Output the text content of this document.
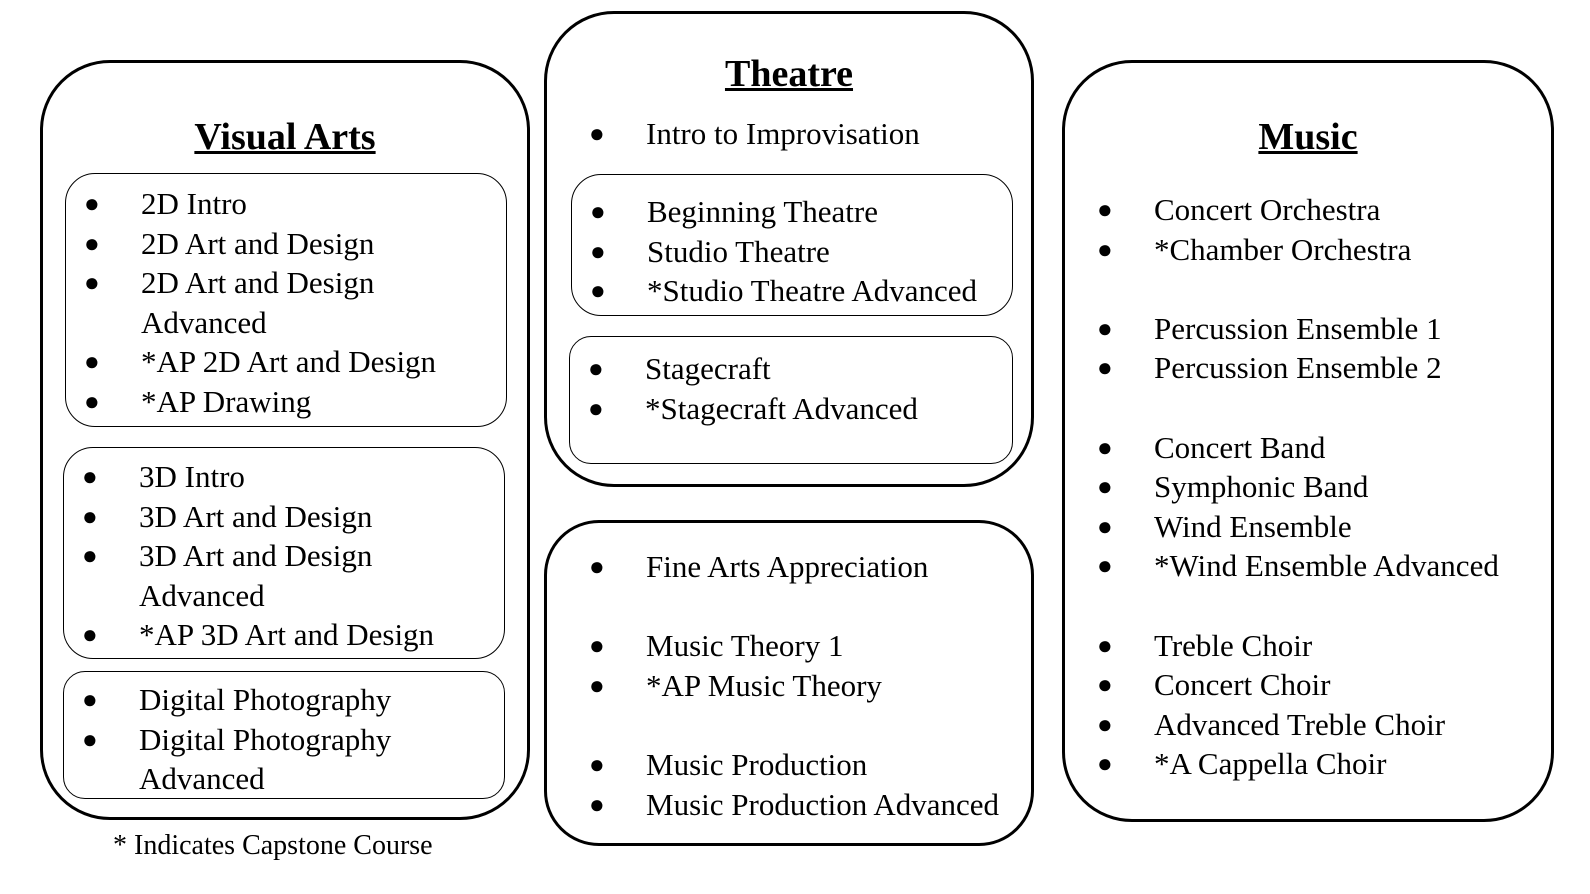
Visual Arts
● 2D Intro
● 2D Art and Design
● 2D Art and Design
Advanced
● *AP 2D Art and Design
● *AP Drawing
● 3D Intro
● 3D Art and Design
● 3D Art and Design
Advanced
● *AP 3D Art and Design
● Digital Photography
● Digital Photography
Advanced
* Indicates Capstone Course
Theatre
● Intro to Improvisation
● Beginning Theatre
● Studio Theatre
● *Studio Theatre Advanced
● Stagecraft
● *Stagecraft Advanced
● Fine Arts Appreciation
● Music Theory 1
● *AP Music Theory
● Music Production
● Music Production Advanced
Music
● Concert Orchestra
● *Chamber Orchestra
● Percussion Ensemble 1
● Percussion Ensemble 2
● Concert Band
● Symphonic Band
● Wind Ensemble
● *Wind Ensemble Advanced
● Treble Choir
● Concert Choir
● Advanced Treble Choir
● *A Cappella Choir
